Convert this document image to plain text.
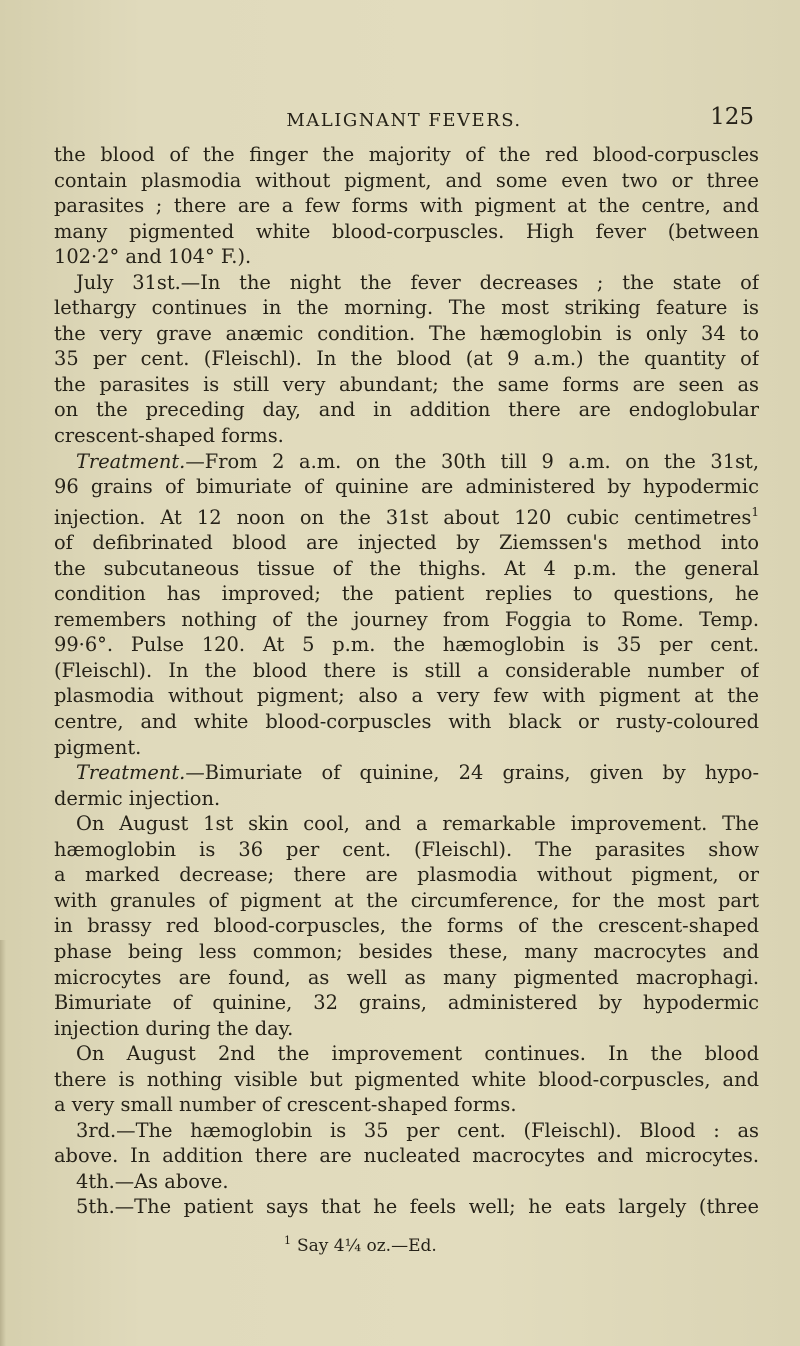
MALIGNANT FEVERS.	125
the blood of the finger the majority of the red blood-corpuscles
contain plasmodia without pigment, and some even two or three
parasites ; there are a few forms with pigment at the centre, and
many pigmented white blood-corpuscles. High fever (between
102·2° and 104° F.).
July 31st.—In the night the fever decreases ; the state of
lethargy continues in the morning. The most striking feature is
the very grave anæmic condition. The hæmoglobin is only 34 to
35 per cent. (Fleischl). In the blood (at 9 a.m.) the quantity of
the parasites is still very abundant; the same forms are seen as
on the preceding day, and in addition there are endoglobular
crescent-shaped forms.
Treatment.—From 2 a.m. on the 30th till 9 a.m. on the 31st,
96 grains of bimuriate of quinine are administered by hypodermic
injection. At 12 noon on the 31st about 120 cubic centimetres$^1$
of defibrinated blood are injected by Ziemssen's method into
the subcutaneous tissue of the thighs. At 4 p.m. the general
condition has improved; the patient replies to questions, he
remembers nothing of the journey from Foggia to Rome. Temp.
99·6°. Pulse 120. At 5 p.m. the hæmoglobin is 35 per cent.
(Fleischl). In the blood there is still a considerable number of
plasmodia without pigment; also a very few with pigment at the
centre, and white blood-corpuscles with black or rusty-coloured
pigment.
Treatment.—Bimuriate of quinine, 24 grains, given by hypo-
dermic injection.
On August 1st skin cool, and a remarkable improvement. The
hæmoglobin is 36 per cent. (Fleischl). The parasites show
a marked decrease; there are plasmodia without pigment, or
with granules of pigment at the circumference, for the most part
in brassy red blood-corpuscles, the forms of the crescent-shaped
phase being less common; besides these, many macrocytes and
microcytes are found, as well as many pigmented macrophagi.
Bimuriate of quinine, 32 grains, administered by hypodermic
injection during the day.
On August 2nd the improvement continues. In the blood
there is nothing visible but pigmented white blood-corpuscles, and
a very small number of crescent-shaped forms.
3rd.—The hæmoglobin is 35 per cent. (Fleischl). Blood : as
above. In addition there are nucleated macrocytes and microcytes.
4th.—As above.
5th.—The patient says that he feels well; he eats largely (three
$^1$ Say 4¼ oz.—Ed.
